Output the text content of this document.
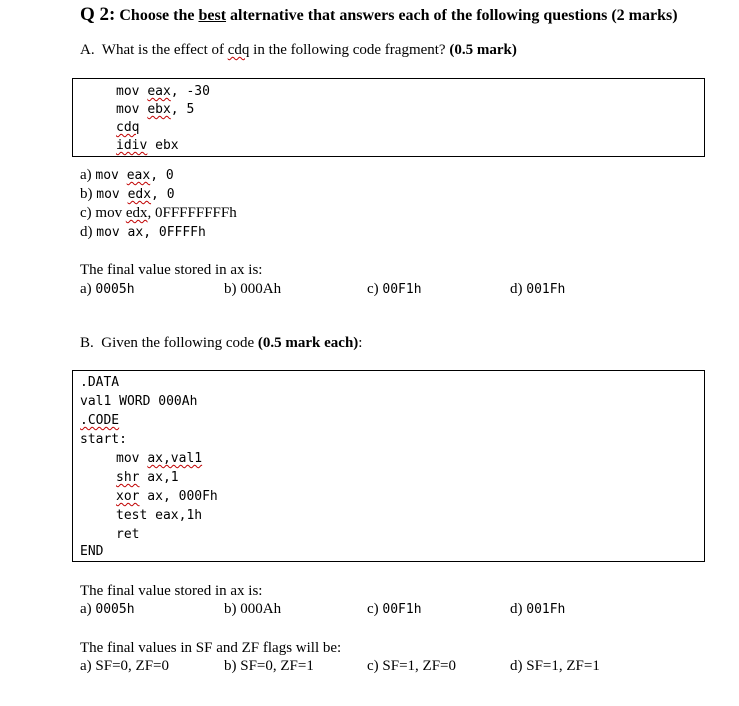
Q 2: Choose the best alternative that answers each of the following questions (2 marks)
A.  What is the effect of cdq in the following code fragment? (0.5 mark)
mov eax, -30
mov ebx, 5
cdq
idiv ebx
a) mov eax, 0
b) mov edx, 0
c) mov edx, 0FFFFFFFFh
d) mov ax, 0FFFFh
The final value stored in ax is:
a) 0005h	b) 000Ah	c) 00F1h	d) 001Fh
B.  Given the following code (0.5 mark each):
.DATA
val1 WORD 000Ah
.CODE
start:
mov ax,val1
shr ax,1
xor ax, 000Fh
test eax,1h
ret
END
The final value stored in ax is:
a) 0005h	b) 000Ah	c) 00F1h	d) 001Fh
The final values in SF and ZF flags will be:
a) SF=0, ZF=0	b) SF=0, ZF=1	c) SF=1, ZF=0	d) SF=1, ZF=1
